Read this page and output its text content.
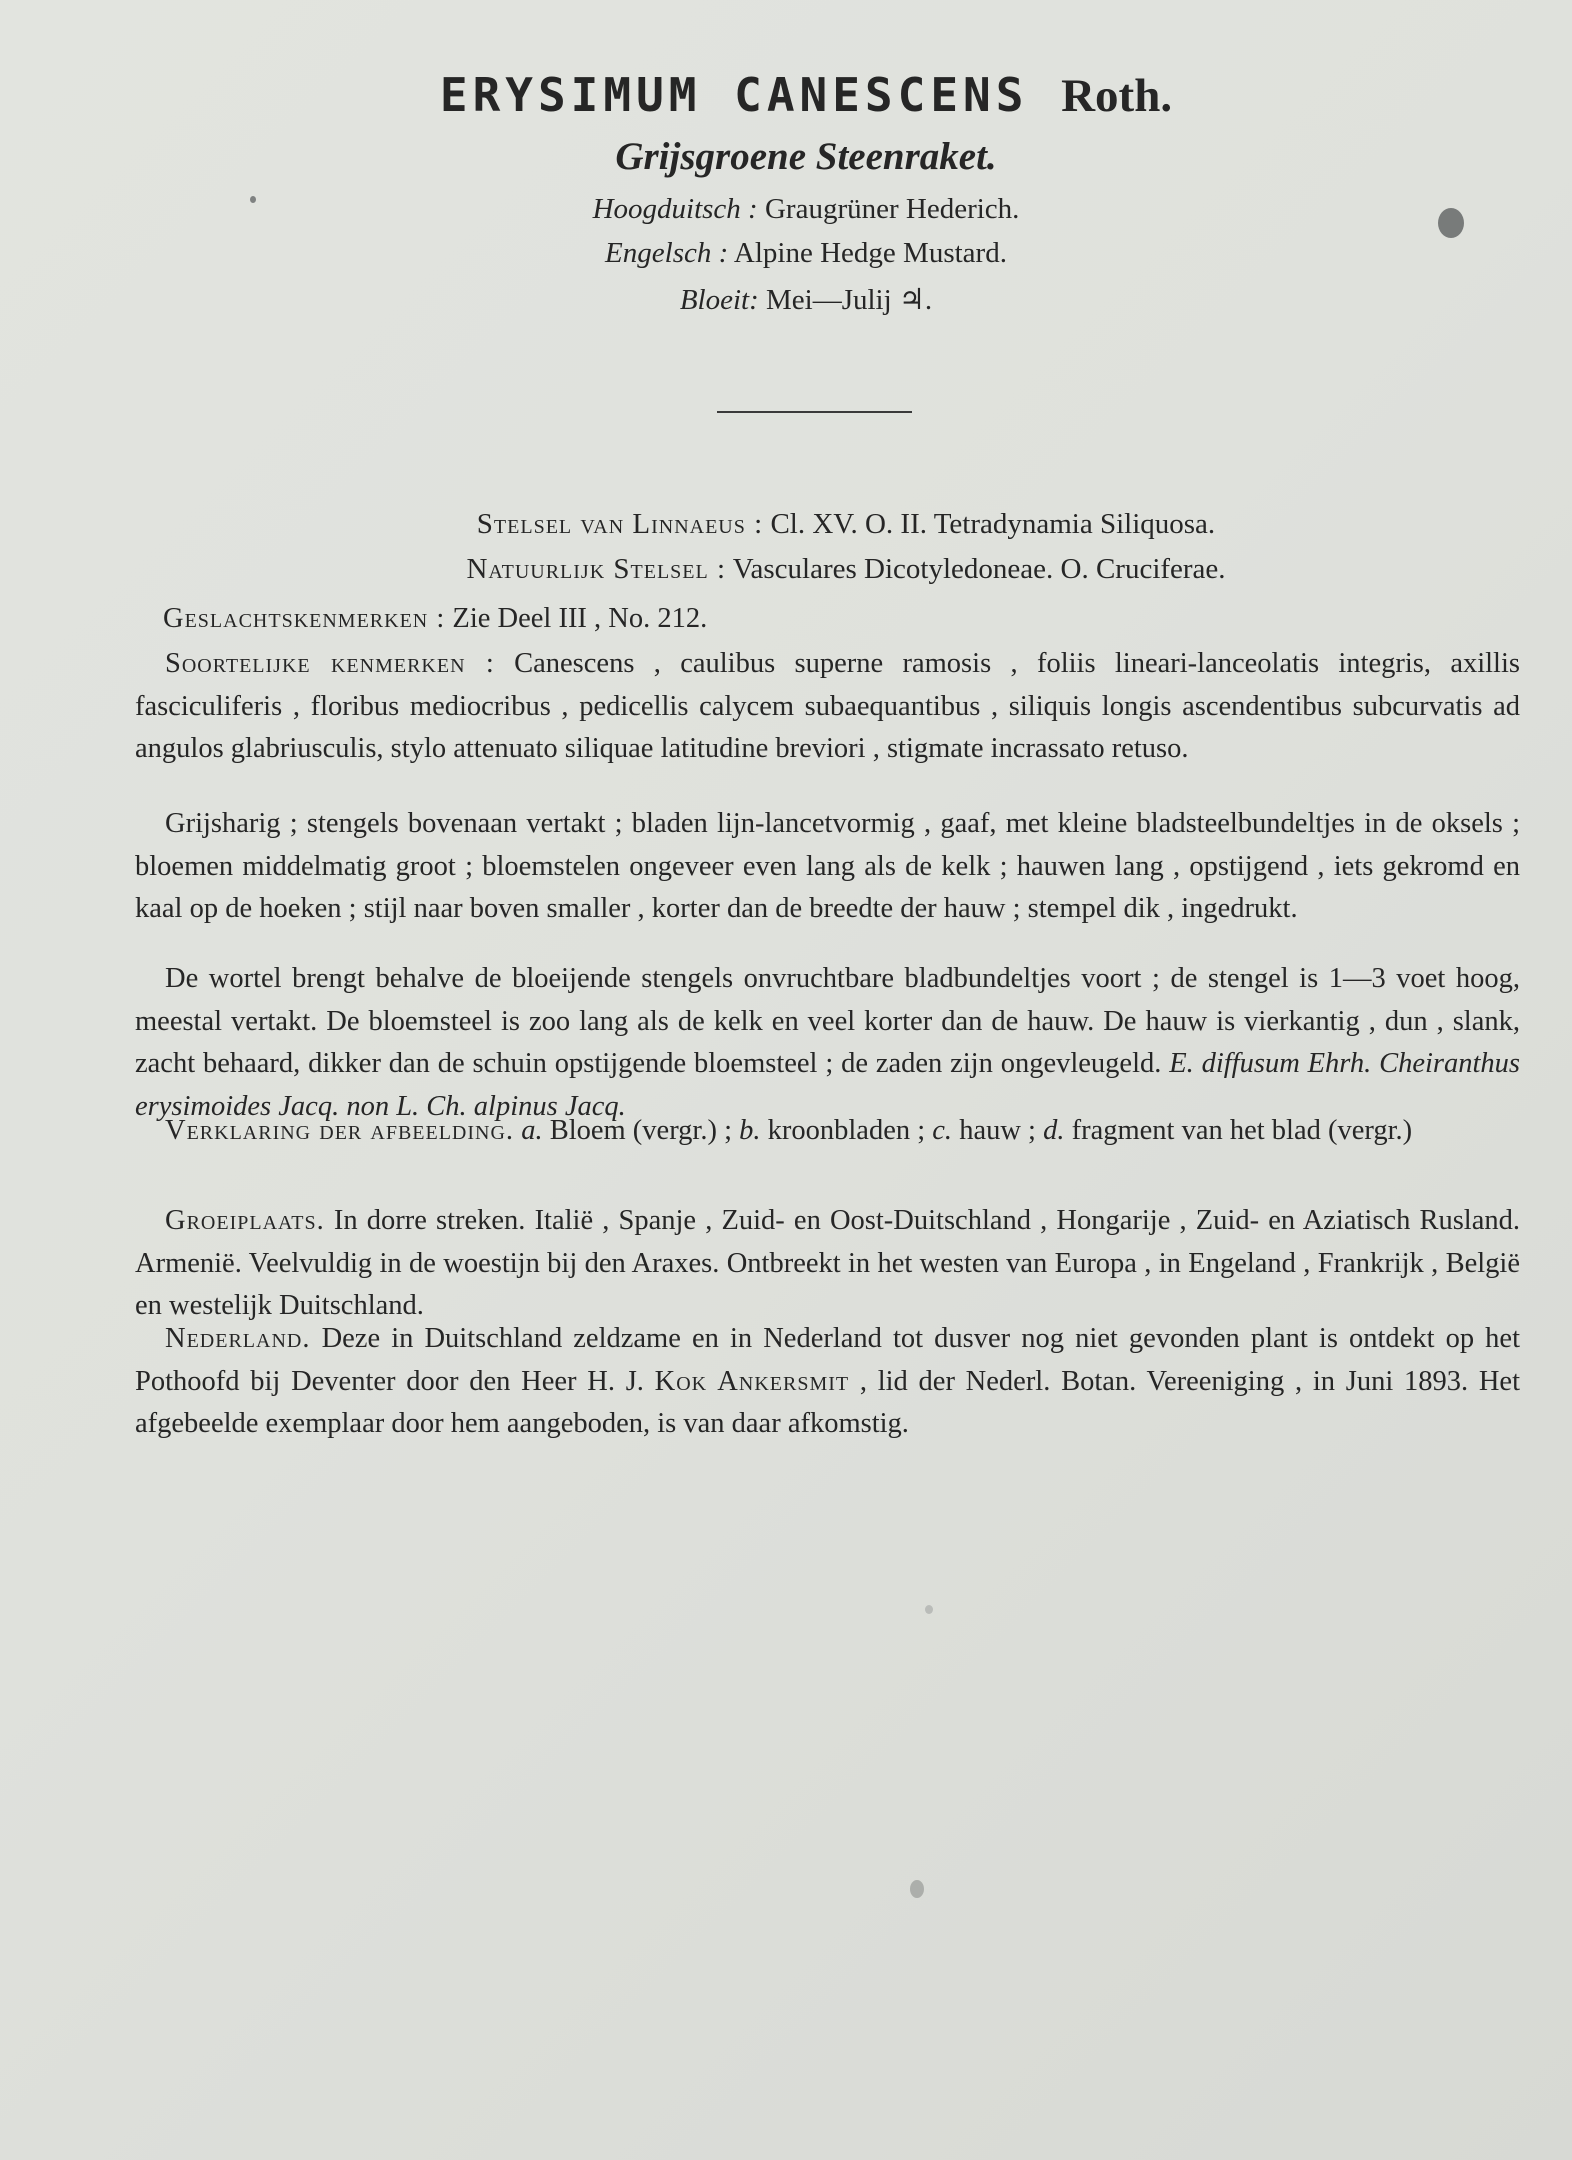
ERYSIMUM CANESCENS Roth.
Grijsgroene Steenraket.
Hoogduitsch : Graugrüner Hederich.
Engelsch : Alpine Hedge Mustard.
Bloeit: Mei—Julij ♃.
Stelsel van Linnaeus : Cl. XV. O. II. Tetradynamia Siliquosa.
Natuurlijk Stelsel : Vasculares Dicotyledoneae. O. Cruciferae.
Geslachtskenmerken : Zie Deel III , No. 212.
Soortelijke kenmerken : Canescens , caulibus superne ramosis , foliis lineari-lanceolatis integris, axillis fasciculiferis , floribus mediocribus , pedicellis calycem subaequantibus , siliquis longis ascendentibus subcurvatis ad angulos glabriusculis, stylo attenuato siliquae latitudine breviori , stigmate incrassato retuso.
Grijsharig ; stengels bovenaan vertakt ; bladen lijn-lancetvormig , gaaf, met kleine bladsteelbundeltjes in de oksels ; bloemen middelmatig groot ; bloemstelen ongeveer even lang als de kelk ; hauwen lang , opstijgend , iets gekromd en kaal op de hoeken ; stijl naar boven smaller , korter dan de breedte der hauw ; stempel dik , ingedrukt.
De wortel brengt behalve de bloeijende stengels onvruchtbare bladbundeltjes voort ; de stengel is 1—3 voet hoog, meestal vertakt. De bloemsteel is zoo lang als de kelk en veel korter dan de hauw. De hauw is vierkantig , dun , slank, zacht behaard, dikker dan de schuin opstijgende bloemsteel ; de zaden zijn ongevleugeld. E. diffusum Ehrh. Cheiranthus erysimoides Jacq. non L. Ch. alpinus Jacq.
Verklaring der afbeelding. a. Bloem (vergr.) ; b. kroonbladen ; c. hauw ; d. fragment van het blad (vergr.)
Groeiplaats. In dorre streken. Italië , Spanje , Zuid- en Oost-Duitschland , Hongarije , Zuid- en Aziatisch Rusland. Armenië. Veelvuldig in de woestijn bij den Araxes. Ontbreekt in het westen van Europa , in Engeland , Frankrijk , België en westelijk Duitschland.
Nederland. Deze in Duitschland zeldzame en in Nederland tot dusver nog niet gevonden plant is ontdekt op het Pothoofd bij Deventer door den Heer H. J. Kok Ankersmit , lid der Nederl. Botan. Vereeniging , in Juni 1893. Het afgebeelde exemplaar door hem aangeboden, is van daar afkomstig.
